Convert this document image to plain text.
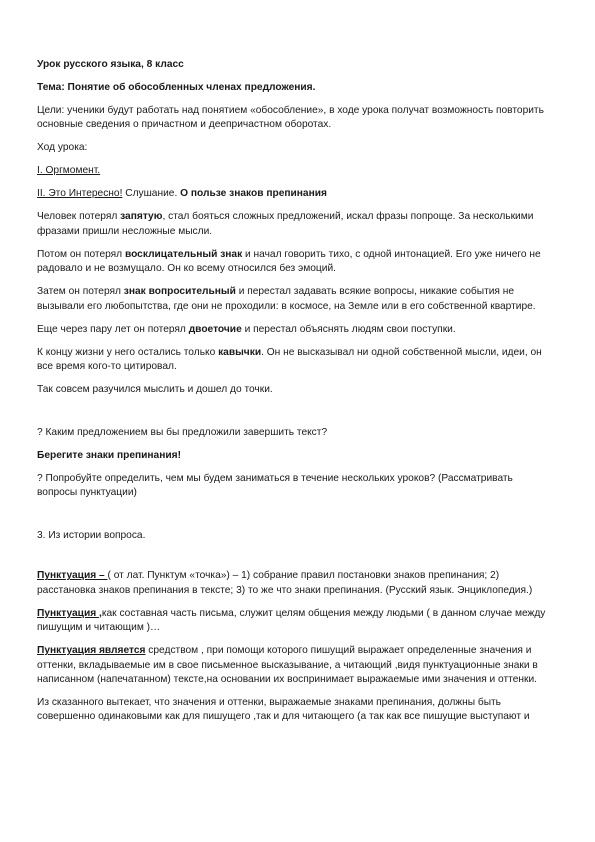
Урок русского языка, 8 класс

Тема: Понятие об обособленных членах предложения.

Цели: ученики будут работать над понятием «обособление», в ходе урока получат возможность повторить основные сведения о причастном и деепричастном оборотах.

Ход урока:

I. Оргмомент.

II. Это Интересно! Слушание. О пользе знаков препинания

Человек потерял запятую, стал бояться сложных предложений, искал фразы попроще. За несколькими фразами пришли несложные мысли.

Потом он потерял восклицательный знак и начал говорить тихо, с одной интонацией. Его уже ничего не радовало и не возмущало. Он ко всему относился без эмоций.

Затем он потерял знак вопросительный и перестал задавать всякие вопросы, никакие события не вызывали его любопытства, где они не проходили: в космосе, на Земле или в его собственной квартире.

Еще через пару лет он потерял двоеточие и перестал объяснять людям свои поступки.

К концу жизни у него остались только кавычки. Он не высказывал ни одной собственной мысли, идеи, он все время кого-то цитировал.

Так совсем разучился мыслить и дошел до точки.

? Каким предложением вы бы предложили завершить текст?

Берегите знаки препинания!

? Попробуйте определить, чем мы будем заниматься в течение нескольких уроков? (Рассматривать вопросы пунктуации)

3. Из истории вопроса.

Пунктуация – ( от лат. Пунктум «точка») – 1) собрание правил постановки знаков препинания; 2) расстановка знаков препинания в тексте; 3) то же что знаки препинания. (Русский язык. Энциклопедия.)

Пунктуация ,как составная часть письма, служит целям общения между людьми ( в данном случае между пишущим и читающим )…

Пунктуация является средством , при помощи которого пишущий выражает определенные значения и оттенки, вкладываемые им в свое письменное высказывание, а читающий ,видя пунктуационные знаки в написанном (напечатанном) тексте,на основании их воспринимает выражаемые ими значения и оттенки.

Из сказанного вытекает, что значения и оттенки, выражаемые знаками препинания, должны быть совершенно одинаковыми как для пишущего ,так и для читающего (а так как все пишущие выступают и
